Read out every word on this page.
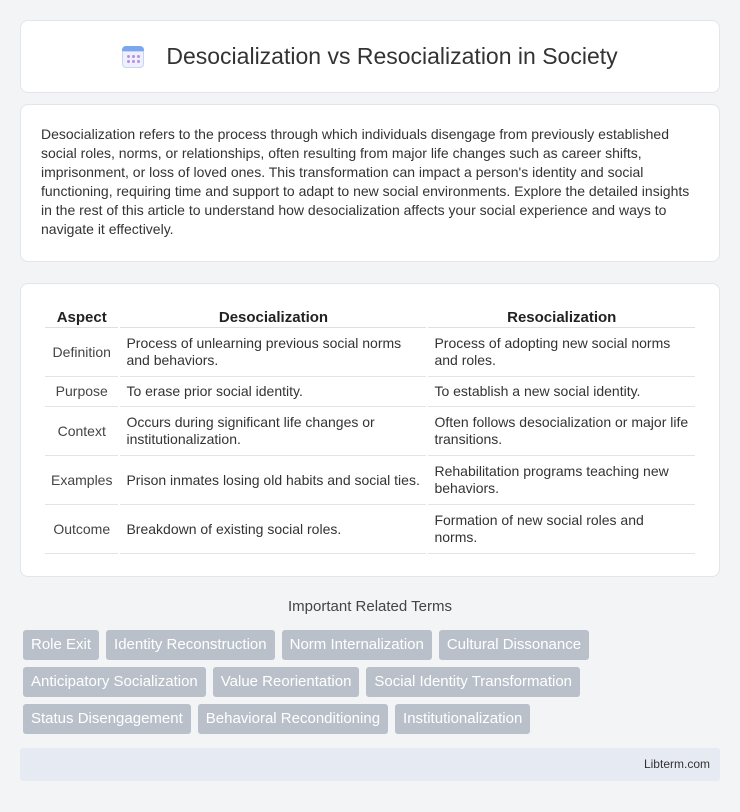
Desocialization vs Resocialization in Society

Desocialization refers to the process through which individuals disengage from previously established social roles, norms, or relationships, often resulting from major life changes such as career shifts, imprisonment, or loss of loved ones. This transformation can impact a person's identity and social functioning, requiring time and support to adapt to new social environments. Explore the detailed insights in the rest of this article to understand how desocialization affects your social experience and ways to navigate it effectively.

Aspect	Desocialization	Resocialization
Definition	Process of unlearning previous social norms and behaviors.	Process of adopting new social norms and roles.
Purpose	To erase prior social identity.	To establish a new social identity.
Context	Occurs during significant life changes or institutionalization.	Often follows desocialization or major life transitions.
Examples	Prison inmates losing old habits and social ties.	Rehabilitation programs teaching new behaviors.
Outcome	Breakdown of existing social roles.	Formation of new social roles and norms.
Important Related Terms
Role Exit	Identity Reconstruction	Norm Internalization	Cultural Dissonance
Anticipatory Socialization	Value Reorientation	Social Identity Transformation
Status Disengagement	Behavioral Reconditioning	Institutionalization
Libterm.com
